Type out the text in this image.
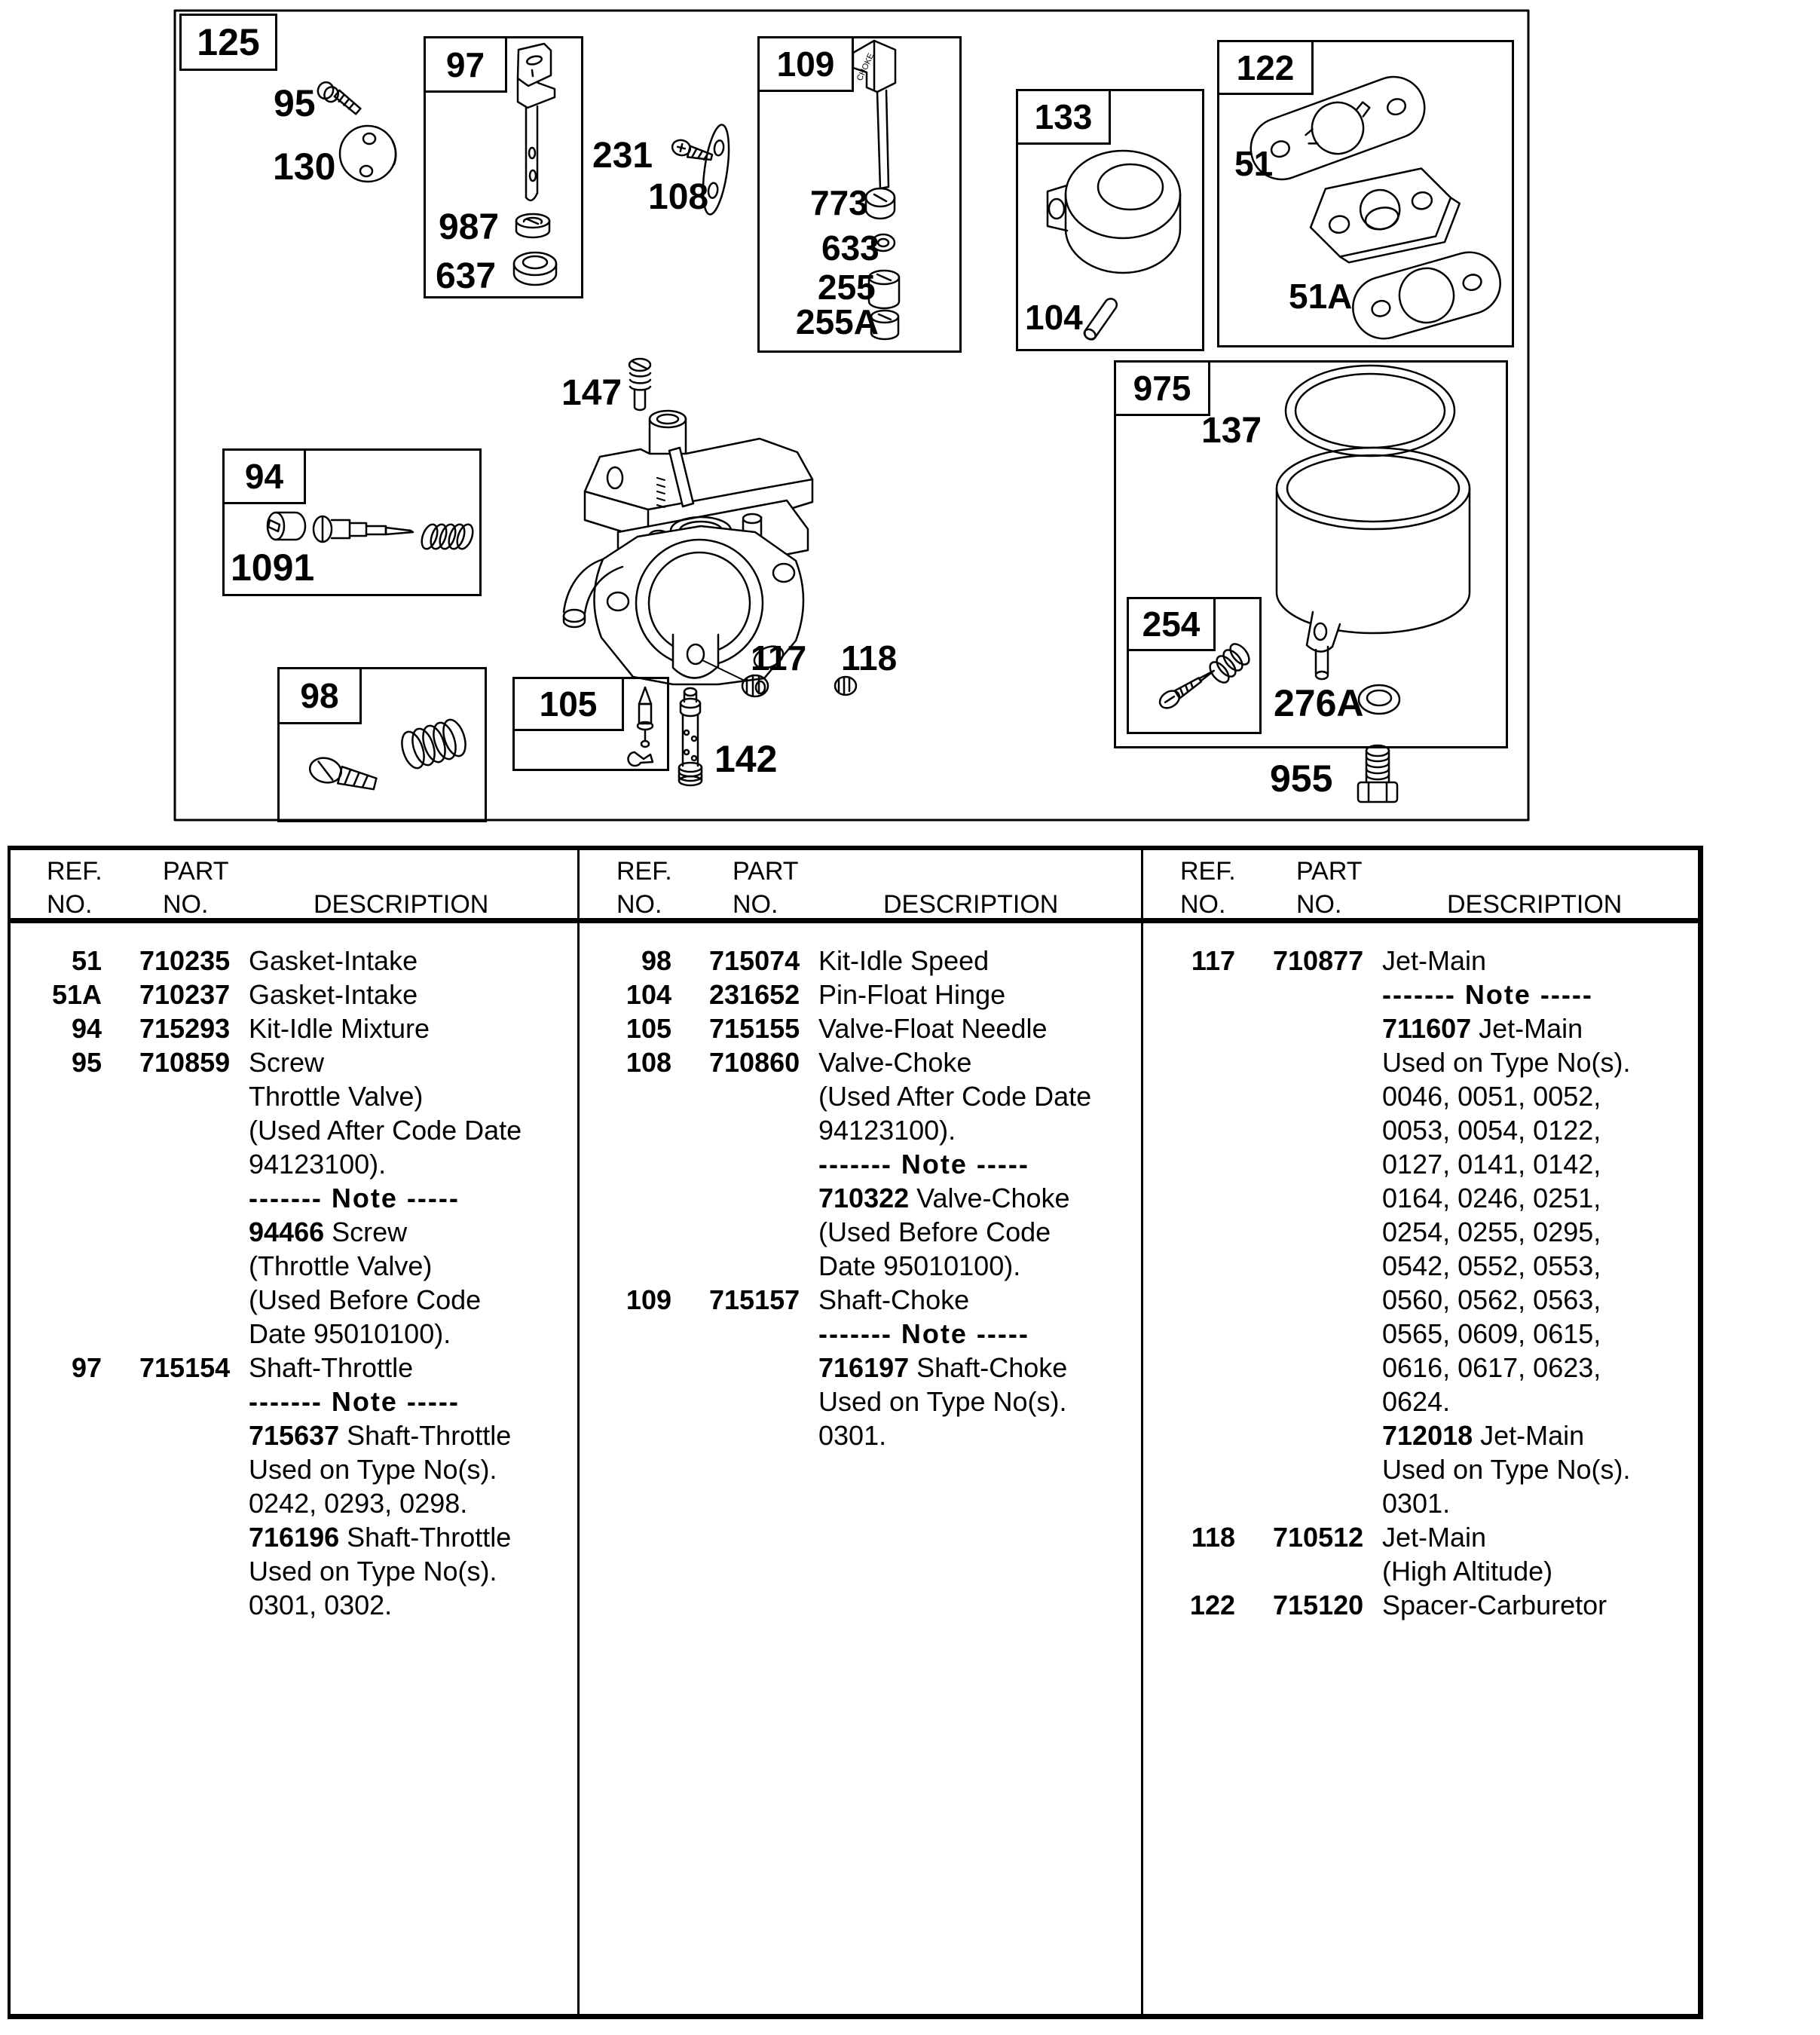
CHOKE
125
97	109
133
122
94
98	105
975
254
95
130
987
637
231
108	773
633
255
255A	104
51
51A
147
1091
117 118
142
137
276A
955
REF.
NO.
PART
NO.	DESCRIPTION
REF.
NO.
PART
NO.	DESCRIPTION
REF.
NO.
PART
NO.	DESCRIPTION
51 710235 Gasket-Intake
51A 710237 Gasket-Intake
94 715293 Kit-Idle Mixture
95 710859 Screw
Throttle Valve)
(Used After Code Date
94123100).
------- Note -----
94466 Screw
(Throttle Valve)
(Used Before Code
Date 95010100).
97 715154 Shaft-Throttle
------- Note -----
715637 Shaft-Throttle
Used on Type No(s).
0242, 0293, 0298.
716196 Shaft-Throttle
Used on Type No(s).
0301, 0302.
98 715074 Kit-Idle Speed
104 231652 Pin-Float Hinge
105 715155 Valve-Float Needle
108 710860 Valve-Choke
(Used After Code Date
94123100).
------- Note -----
710322 Valve-Choke
(Used Before Code
Date 95010100).
109 715157 Shaft-Choke
------- Note -----
716197 Shaft-Choke
Used on Type No(s).
0301.
117 710877 Jet-Main
------- Note -----
711607 Jet-Main
Used on Type No(s).
0046, 0051, 0052,
0053, 0054, 0122,
0127, 0141, 0142,
0164, 0246, 0251,
0254, 0255, 0295,
0542, 0552, 0553,
0560, 0562, 0563,
0565, 0609, 0615,
0616, 0617, 0623,
0624.
712018 Jet-Main
Used on Type No(s).
0301.
118 710512 Jet-Main
(High Altitude)
122 715120 Spacer-Carburetor
